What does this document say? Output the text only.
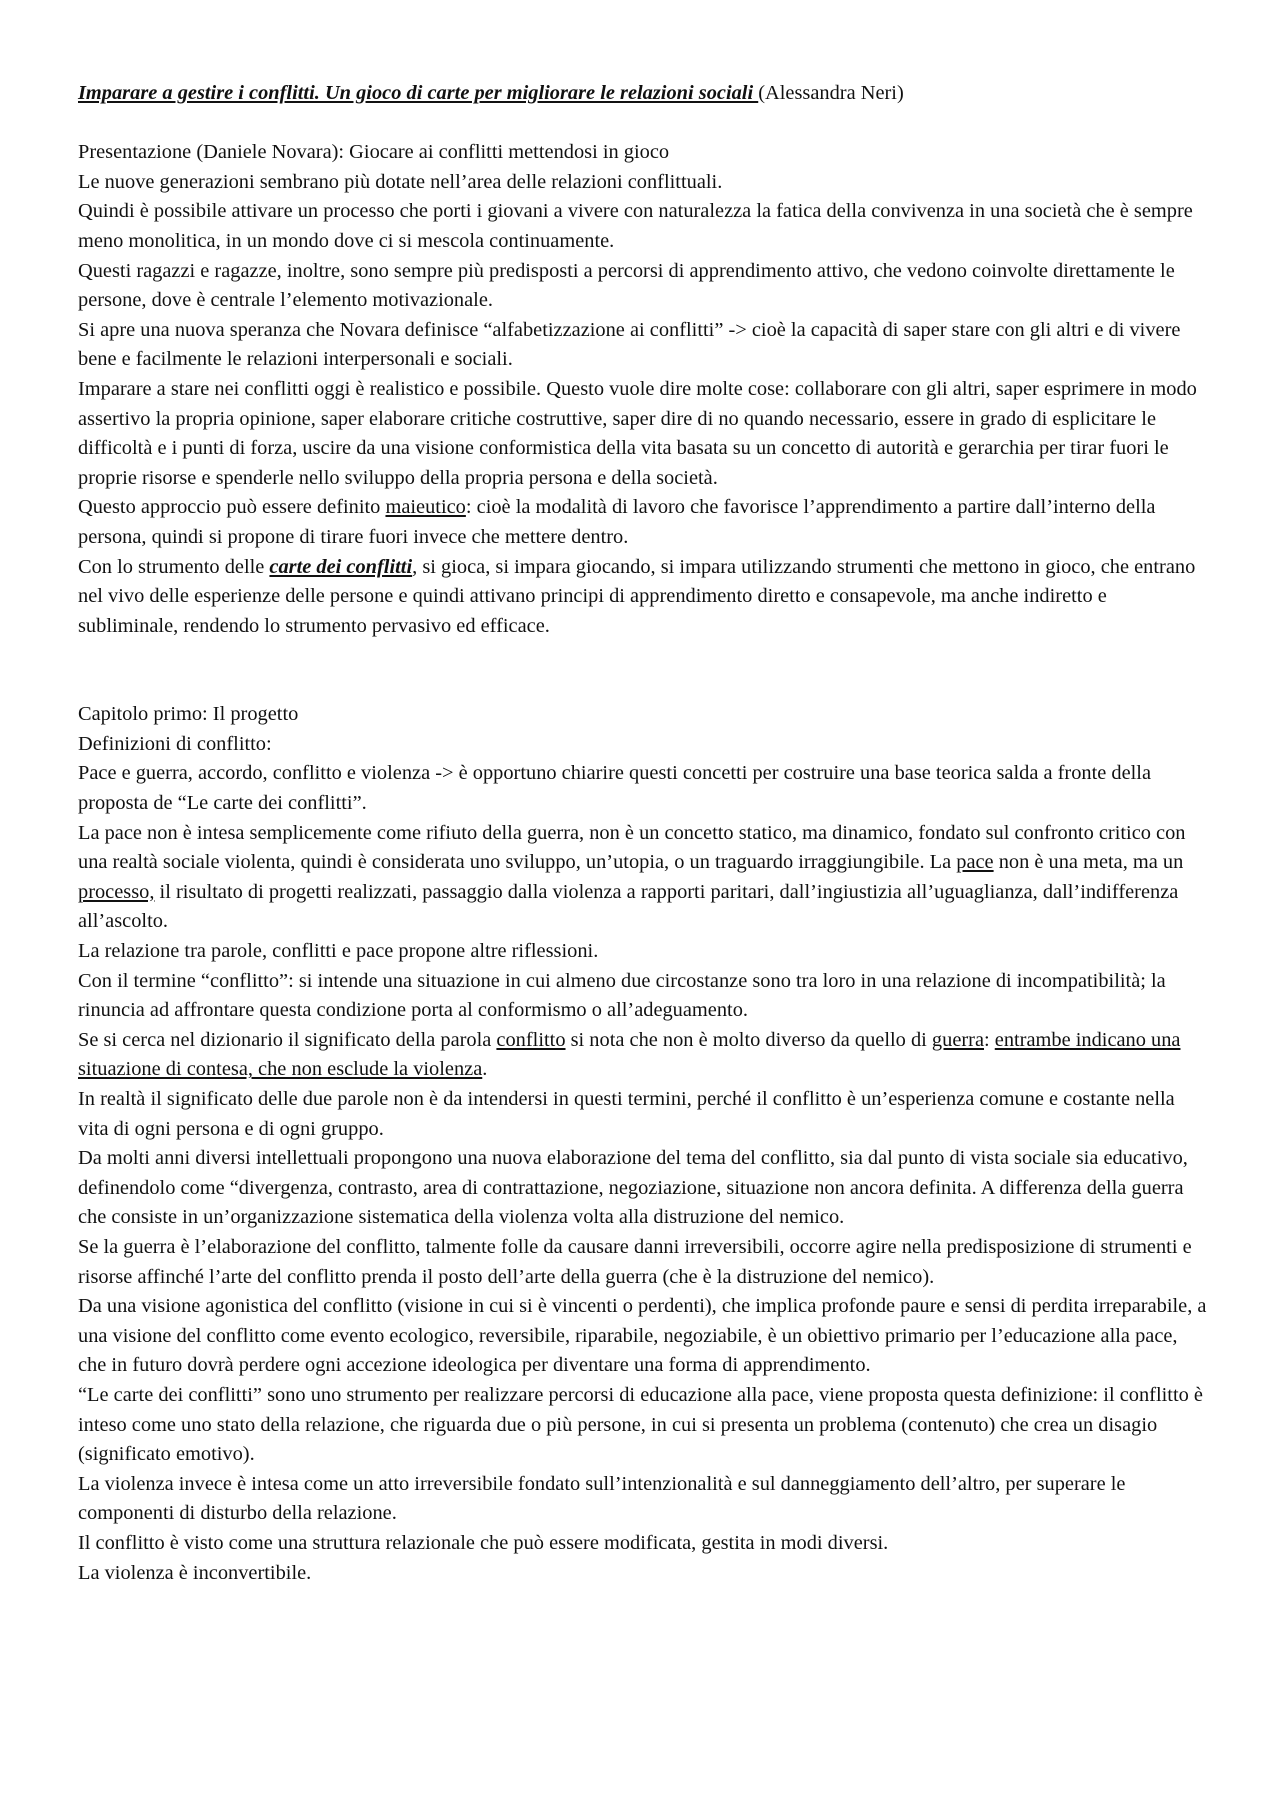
Imparare a gestire i conflitti. Un gioco di carte per migliorare le relazioni sociali (Alessandra Neri)

Presentazione (Daniele Novara): Giocare ai conflitti mettendosi in gioco

Le nuove generazioni sembrano più dotate nell’area delle relazioni conflittuali.

Quindi è possibile attivare un processo che porti i giovani a vivere con naturalezza la fatica della convivenza in una società che è sempre meno monolitica, in un mondo dove ci si mescola continuamente.

Questi ragazzi e ragazze, inoltre, sono sempre più predisposti a percorsi di apprendimento attivo, che vedono coinvolte direttamente le persone, dove è centrale l’elemento motivazionale.

Si apre una nuova speranza che Novara definisce “alfabetizzazione ai conflitti” -> cioè la capacità di saper stare con gli altri e di vivere bene e facilmente le relazioni interpersonali e sociali.

Imparare a stare nei conflitti oggi è realistico e possibile. Questo vuole dire molte cose: collaborare con gli altri, saper esprimere in modo assertivo la propria opinione, saper elaborare critiche costruttive, saper dire di no quando necessario, essere in grado di esplicitare le difficoltà e i punti di forza, uscire da una visione conformistica della vita basata su un concetto di autorità e gerarchia per tirar fuori le proprie risorse e spenderle nello sviluppo della propria persona e della società.

Questo approccio può essere definito maieutico: cioè la modalità di lavoro che favorisce l’apprendimento a partire dall’interno della persona, quindi si propone di tirare fuori invece che mettere dentro.

Con lo strumento delle carte dei conflitti, si gioca, si impara giocando, si impara utilizzando strumenti che mettono in gioco, che entrano nel vivo delle esperienze delle persone e quindi attivano principi di apprendimento diretto e consapevole, ma anche indiretto e subliminale, rendendo lo strumento pervasivo ed efficace.

Capitolo primo: Il progetto

Definizioni di conflitto:

Pace e guerra, accordo, conflitto e violenza -> è opportuno chiarire questi concetti per costruire una base teorica salda a fronte della proposta de “Le carte dei conflitti”.

La pace non è intesa semplicemente come rifiuto della guerra, non è un concetto statico, ma dinamico, fondato sul confronto critico con una realtà sociale violenta, quindi è considerata uno sviluppo, un’utopia, o un traguardo irraggiungibile. La pace non è una meta, ma un processo, il risultato di progetti realizzati, passaggio dalla violenza a rapporti paritari, dall’ingiustizia all’uguaglianza, dall’indifferenza all’ascolto.

La relazione tra parole, conflitti e pace propone altre riflessioni.

Con il termine “conflitto”: si intende una situazione in cui almeno due circostanze sono tra loro in una relazione di incompatibilità; la rinuncia ad affrontare questa condizione porta al conformismo o all’adeguamento.

Se si cerca nel dizionario il significato della parola conflitto si nota che non è molto diverso da quello di guerra: entrambe indicano una situazione di contesa, che non esclude la violenza.

In realtà il significato delle due parole non è da intendersi in questi termini, perché il conflitto è un’esperienza comune e costante nella vita di ogni persona e di ogni gruppo.

Da molti anni diversi intellettuali propongono una nuova elaborazione del tema del conflitto, sia dal punto di vista sociale sia educativo, definendolo come “divergenza, contrasto, area di contrattazione, negoziazione, situazione non ancora definita. A differenza della guerra che consiste in un’organizzazione sistematica della violenza volta alla distruzione del nemico.

Se la guerra è l’elaborazione del conflitto, talmente folle da causare danni irreversibili, occorre agire nella predisposizione di strumenti e risorse affinché l’arte del conflitto prenda il posto dell’arte della guerra (che è la distruzione del nemico).

Da una visione agonistica del conflitto (visione in cui si è vincenti o perdenti), che implica profonde paure e sensi di perdita irreparabile, a una visione del conflitto come evento ecologico, reversibile, riparabile, negoziabile, è un obiettivo primario per l’educazione alla pace, che in futuro dovrà perdere ogni accezione ideologica per diventare una forma di apprendimento.

“Le carte dei conflitti” sono uno strumento per realizzare percorsi di educazione alla pace, viene proposta questa definizione: il conflitto è inteso come uno stato della relazione, che riguarda due o più persone, in cui si presenta un problema (contenuto) che crea un disagio (significato emotivo).

La violenza invece è intesa come un atto irreversibile fondato sull’intenzionalità e sul danneggiamento dell’altro, per superare le componenti di disturbo della relazione.

Il conflitto è visto come una struttura relazionale che può essere modificata, gestita in modi diversi.

La violenza è inconvertibile.
